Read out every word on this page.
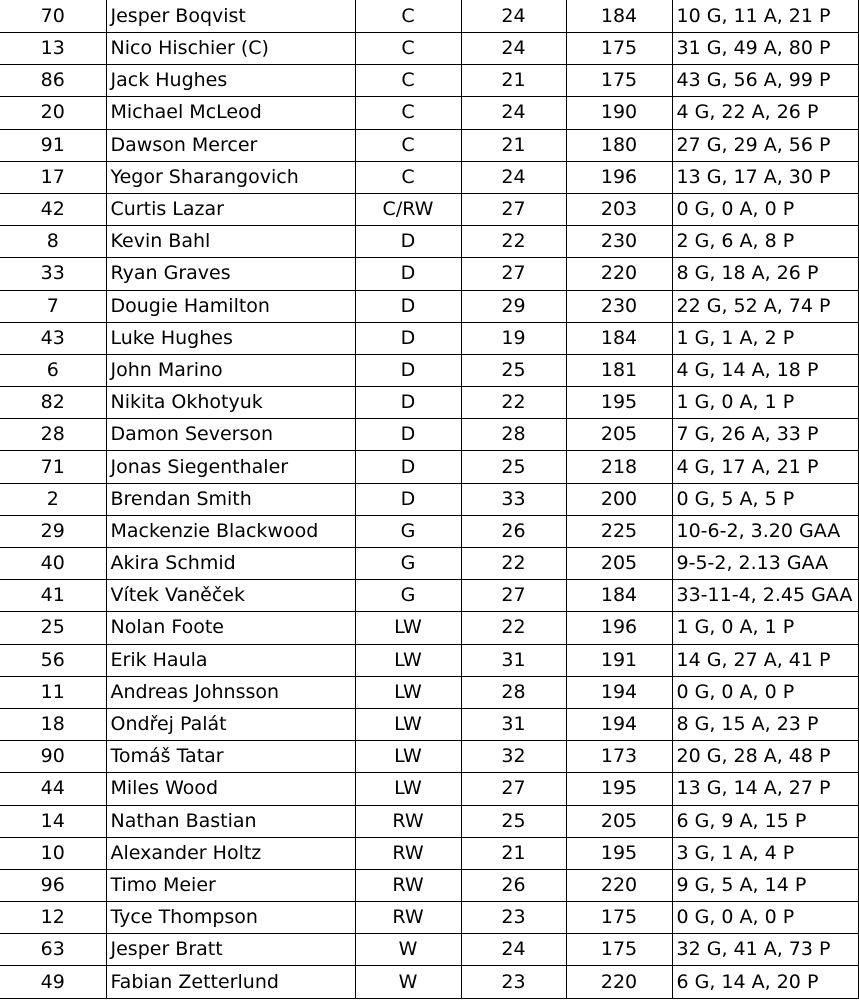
70	Jesper Boqvist	C	24	184	10 G, 11 A, 21 P
13	Nico Hischier (C)	C	24	175	31 G, 49 A, 80 P
86	Jack Hughes	C	21	175	43 G, 56 A, 99 P
20	Michael McLeod	C	24	190	4 G, 22 A, 26 P
91	Dawson Mercer	C	21	180	27 G, 29 A, 56 P
17	Yegor Sharangovich	C	24	196	13 G, 17 A, 30 P
42	Curtis Lazar	C/RW	27	203	0 G, 0 A, 0 P
8	Kevin Bahl	D	22	230	2 G, 6 A, 8 P
33	Ryan Graves	D	27	220	8 G, 18 A, 26 P
7	Dougie Hamilton	D	29	230	22 G, 52 A, 74 P
43	Luke Hughes	D	19	184	1 G, 1 A, 2 P
6	John Marino	D	25	181	4 G, 14 A, 18 P
82	Nikita Okhotyuk	D	22	195	1 G, 0 A, 1 P
28	Damon Severson	D	28	205	7 G, 26 A, 33 P
71	Jonas Siegenthaler	D	25	218	4 G, 17 A, 21 P
2	Brendan Smith	D	33	200	0 G, 5 A, 5 P
29	Mackenzie Blackwood	G	26	225	10-6-2, 3.20 GAA
40	Akira Schmid	G	22	205	9-5-2, 2.13 GAA
41	Vítek Vaněček	G	27	184	33-11-4, 2.45 GAA
25	Nolan Foote	LW	22	196	1 G, 0 A, 1 P
56	Erik Haula	LW	31	191	14 G, 27 A, 41 P
11	Andreas Johnsson	LW	28	194	0 G, 0 A, 0 P
18	Ondřej Palát	LW	31	194	8 G, 15 A, 23 P
90	Tomáš Tatar	LW	32	173	20 G, 28 A, 48 P
44	Miles Wood	LW	27	195	13 G, 14 A, 27 P
14	Nathan Bastian	RW	25	205	6 G, 9 A, 15 P
10	Alexander Holtz	RW	21	195	3 G, 1 A, 4 P
96	Timo Meier	RW	26	220	9 G, 5 A, 14 P
12	Tyce Thompson	RW	23	175	0 G, 0 A, 0 P
63	Jesper Bratt	W	24	175	32 G, 41 A, 73 P
49	Fabian Zetterlund	W	23	220	6 G, 14 A, 20 P
